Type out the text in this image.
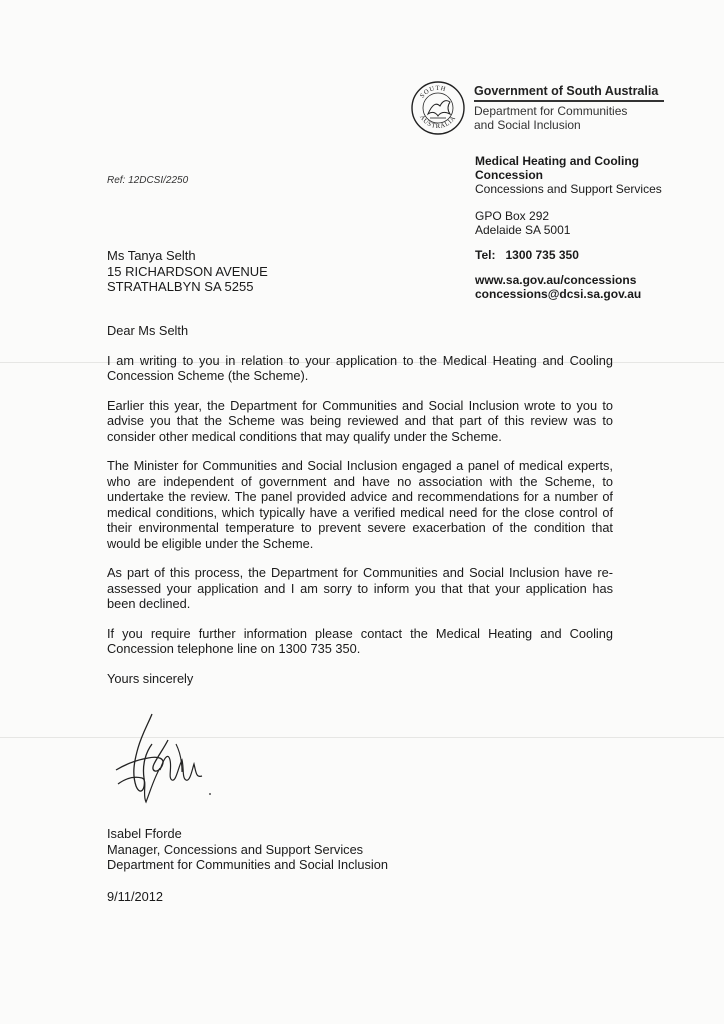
SOUTH
AUSTRALIA
Government of South Australia
Department for Communities
and Social Inclusion
Medical Heating and Cooling
Concession
Concessions and Support Services
GPO Box 292
Adelaide SA 5001
Tel: 1300 735 350
www.sa.gov.au/concessions
concessions@dcsi.sa.gov.au
Ref: 12DCSI/2250
Ms Tanya Selth
15 RICHARDSON AVENUE
STRATHALBYN SA 5255

Dear Ms Selth

I am writing to you in relation to your application to the Medical Heating and Cooling Concession Scheme (the Scheme).

Earlier this year, the Department for Communities and Social Inclusion wrote to you to advise you that the Scheme was being reviewed and that part of this review was to consider other medical conditions that may qualify under the Scheme.

The Minister for Communities and Social Inclusion engaged a panel of medical experts, who are independent of government and have no association with the Scheme, to undertake the review. The panel provided advice and recommendations for a number of medical conditions, which typically have a verified medical need for the close control of their environmental temperature to prevent severe exacerbation of the condition that would be eligible under the Scheme.

As part of this process, the Department for Communities and Social Inclusion have re-assessed your application and I am sorry to inform you that that your application has been declined.

If you require further information please contact the Medical Heating and Cooling Concession telephone line on 1300 735 350.

Yours sincerely

Isabel Fforde
Manager, Concessions and Support Services
Department for Communities and Social Inclusion
9/11/2012
